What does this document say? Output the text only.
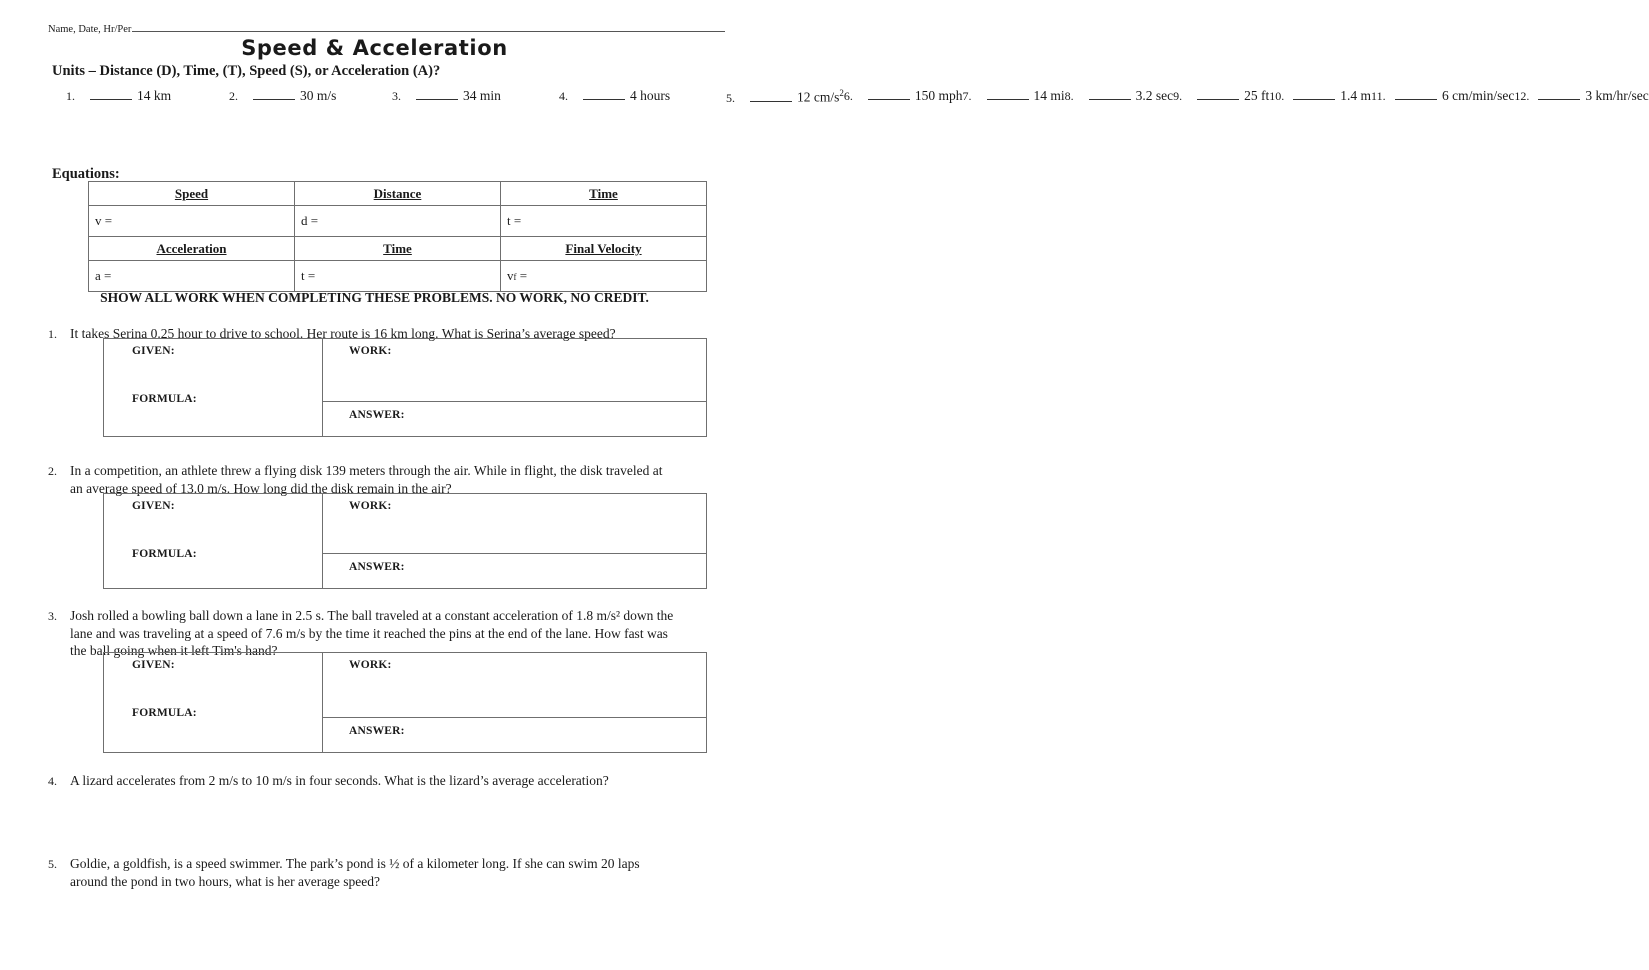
Name, Date, Hr/Per
Speed & Acceleration
Units – Distance (D), Time, (T), Speed (S), or Acceleration (A)?
1.	14 km	2.	30 m/s	3.	34 min	4.	4 hours	5.	12 $cm/s^2$ 6.	150 mph 7.	14 mi 8.	3.2 sec 9.	25 ft 10.	1.4 m 11.	6 cm/min/sec 12.	3 km/hr/sec
Equations:
Speed	Distance	Time
v =	d =	t =
Acceleration	Time	Final Velocity
a =	t =	vf =
SHOW ALL WORK WHEN COMPLETING THESE PROBLEMS. NO WORK, NO CREDIT.
1. It takes Serina 0.25 hour to drive to school. Her route is 16 km long. What is Serina’s average speed?
2. In a competition, an athlete threw a flying disk 139 meters through the air. While in flight, the disk traveled at
an average speed of 13.0 m/s. How long did the disk remain in the air?
3. Josh rolled a bowling ball down a lane in 2.5 s. The ball traveled at a constant acceleration of 1.8 m/s² down the
lane and was traveling at a speed of 7.6 m/s by the time it reached the pins at the end of the lane. How fast was
the ball going when it left Tim's hand?
4. A lizard accelerates from 2 m/s to 10 m/s in four seconds. What is the lizard’s average acceleration?
5. Goldie, a goldfish, is a speed swimmer. The park’s pond is ½ of a kilometer long. If she can swim 20 laps
around the pond in two hours, what is her average speed?
GIVEN:
FORMULA:
WORK:
ANSWER:
GIVEN:
FORMULA:
WORK:
ANSWER:
GIVEN:
FORMULA:
WORK:
ANSWER:
